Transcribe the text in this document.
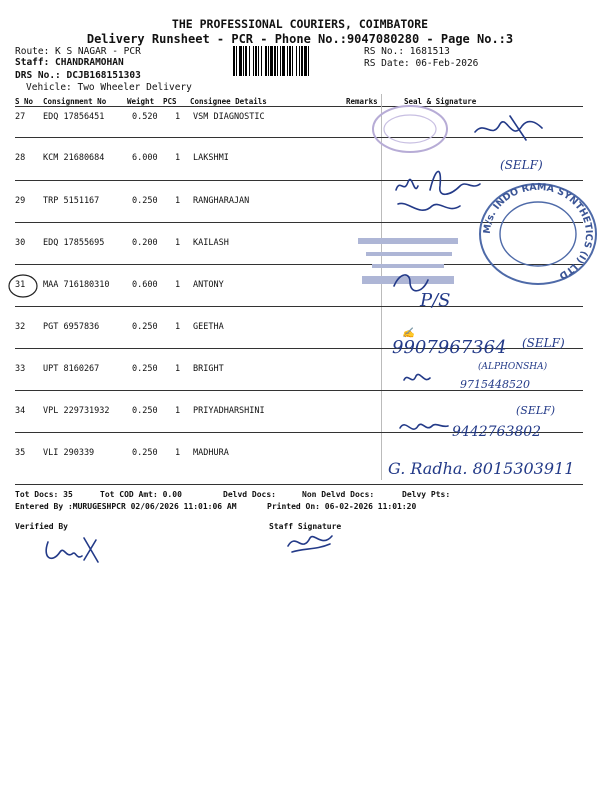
THE PROFESSIONAL COURIERS, COIMBATORE
Delivery Runsheet - PCR - Phone No.:9047080280 - Page No.:3
Route: K S NAGAR - PCR
Staff: CHANDRAMOHAN
DRS No.: DCJB168151303
Vehicle: Two Wheeler Delivery
RS No.: 1681513
RS Date: 06-Feb-2026
S No Consignment No	Weight PCS Consignee Details	Remarks	Seal & Signature
27 EDQ 17856451	0.520 1 VSM DIAGNOSTIC
28 KCM 21680684	6.000 1 LAKSHMI
29 TRP 5151167	0.250 1 RANGHARAJAN
30 EDQ 17855695	0.200 1 KAILASH
31 MAA 716180310	0.600 1 ANTONY
32 PGT 6957836	0.250 1 GEETHA
33 UPT 8160267	0.250 1 BRIGHT
34 VPL 229731932	0.250 1 PRIYADHARSHINI
35 VLI 290339	0.250 1 MADHURA
Tot Docs: 35	Tot COD Amt: 0.00	Delvd Docs:	Non Delvd Docs:	Delvy Pts:
Entered By :MURUGESHPCR 02/06/2026 11:01:06 AM	Printed On: 06-02-2026 11:01:20
Verified By	Staff Signature
M/s. INDO RAMA SYNTHETICS (I) LTD
(SELF)
P/S
✍
9907967364 (SELF)
(ALPHONSHA)
9715448520
(SELF)
9442763802
G. Radha. 8015303911
